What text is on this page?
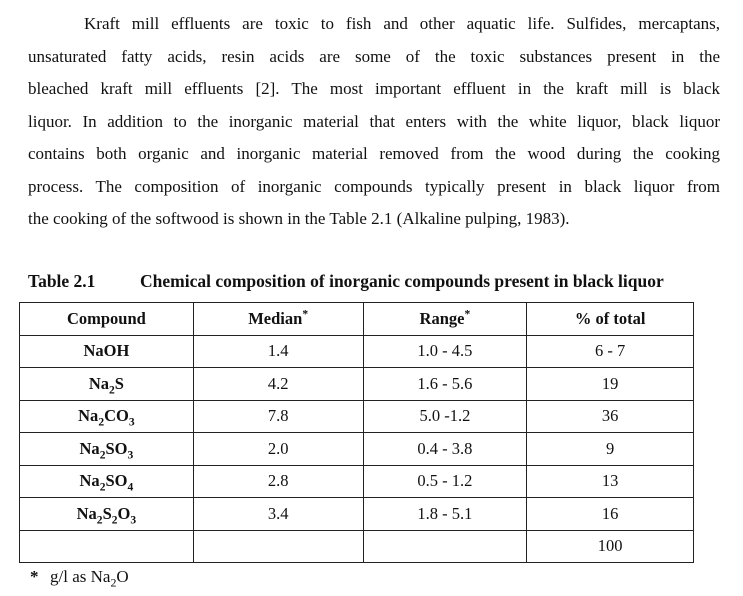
Kraft mill effluents are toxic to fish and other aquatic life. Sulfides, mercaptans,
unsaturated fatty acids, resin acids are some of the toxic substances present in the
bleached kraft mill effluents [2]. The most important effluent in the kraft mill is black
liquor. In addition to the inorganic material that enters with the white liquor, black liquor
contains both organic and inorganic material removed from the wood during the cooking
process. The composition of inorganic compounds typically present in black liquor from
the cooking of the softwood is shown in the Table 2.1 (Alkaline pulping, 1983).

Table 2.1	Chemical composition of inorganic compounds present in black liquor

Compound	Median*	Range*	% of total
NaOH	1.4	1.0 - 4.5	6 - 7
$Na_2S$	4.2	1.6 - 5.6	19
$Na_2CO_3$	7.8	5.0 -1.2	36
$Na_2SO_3$	2.0	0.4 - 3.8	9
$Na_2SO_4$	2.8	0.5 - 1.2	13
$Na_2S_2O_3$	3.4	1.8 - 5.1	16
			100

* g/l as $Na_2O$
